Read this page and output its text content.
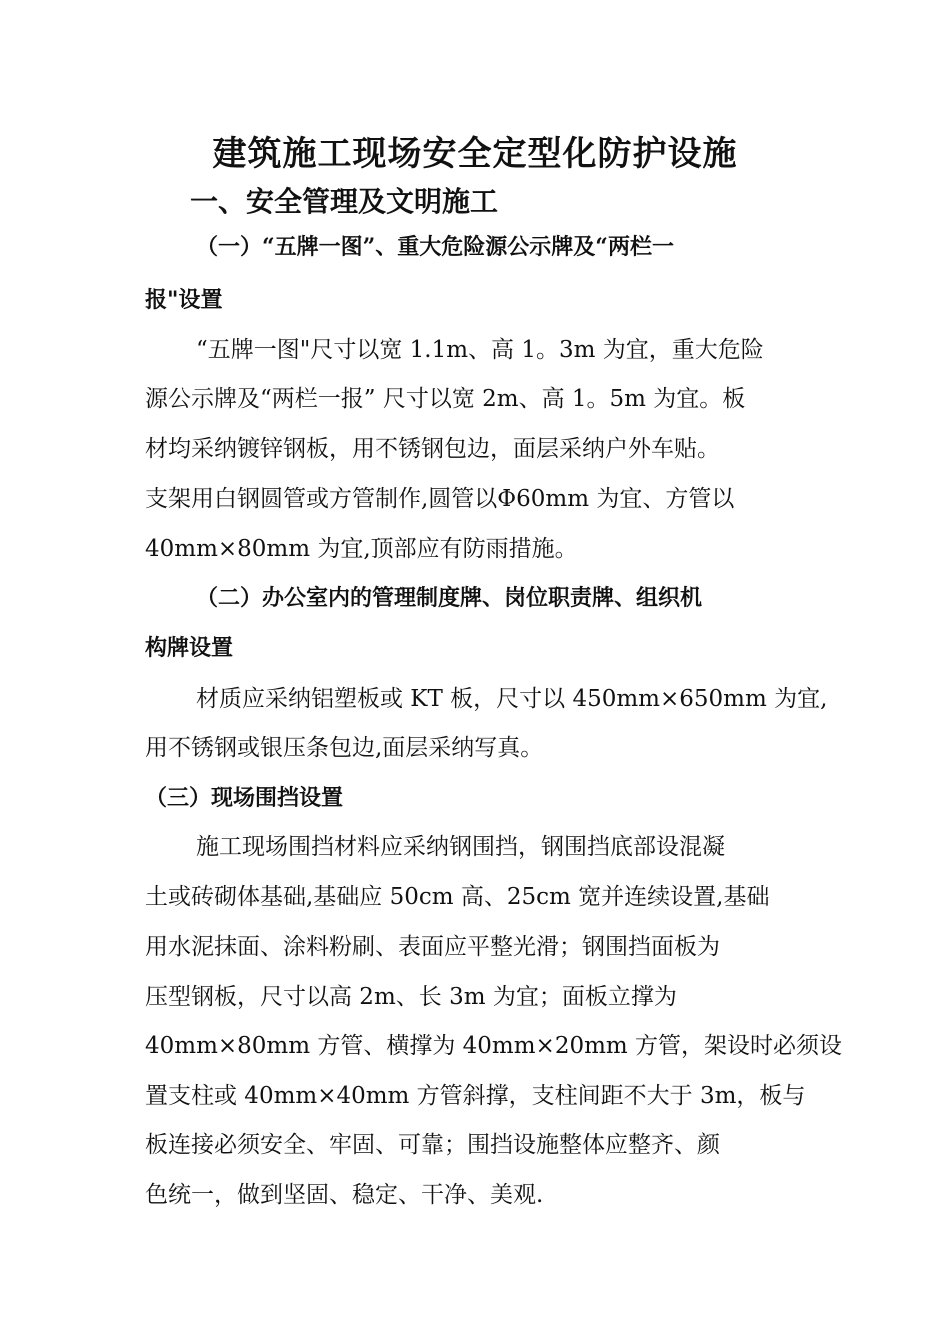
建筑施工现场安全定型化防护设施
一、安全管理及文明施工
（一）“五牌一图”、重大危险源公示牌及“两栏一
报"设置
“五牌一图"尺寸以宽 1.1m、高 1。3m 为宜，重大危险
源公示牌及“两栏一报” 尺寸以宽 2m、高 1。5m 为宜。板
材均采纳镀锌钢板，用不锈钢包边，面层采纳户外车贴。
支架用白钢圆管或方管制作,圆管以Φ60mm 为宜、方管以
40mm×80mm 为宜,顶部应有防雨措施。
（二）办公室内的管理制度牌、岗位职责牌、组织机
构牌设置
材质应采纳铝塑板或 KT 板，尺寸以 450mm×650mm 为宜,
用不锈钢或银压条包边,面层采纳写真。
（三）现场围挡设置
施工现场围挡材料应采纳钢围挡，钢围挡底部设混凝
土或砖砌体基础,基础应 50cm 高、25cm 宽并连续设置,基础
用水泥抹面、涂料粉刷、表面应平整光滑；钢围挡面板为
压型钢板，尺寸以高 2m、长 3m 为宜；面板立撑为
40mm×80mm 方管、横撑为 40mm×20mm 方管，架设时必须设
置支柱或 40mm×40mm 方管斜撑，支柱间距不大于 3m，板与
板连接必须安全、牢固、可靠；围挡设施整体应整齐、颜
色统一，做到坚固、稳定、干净、美观.
